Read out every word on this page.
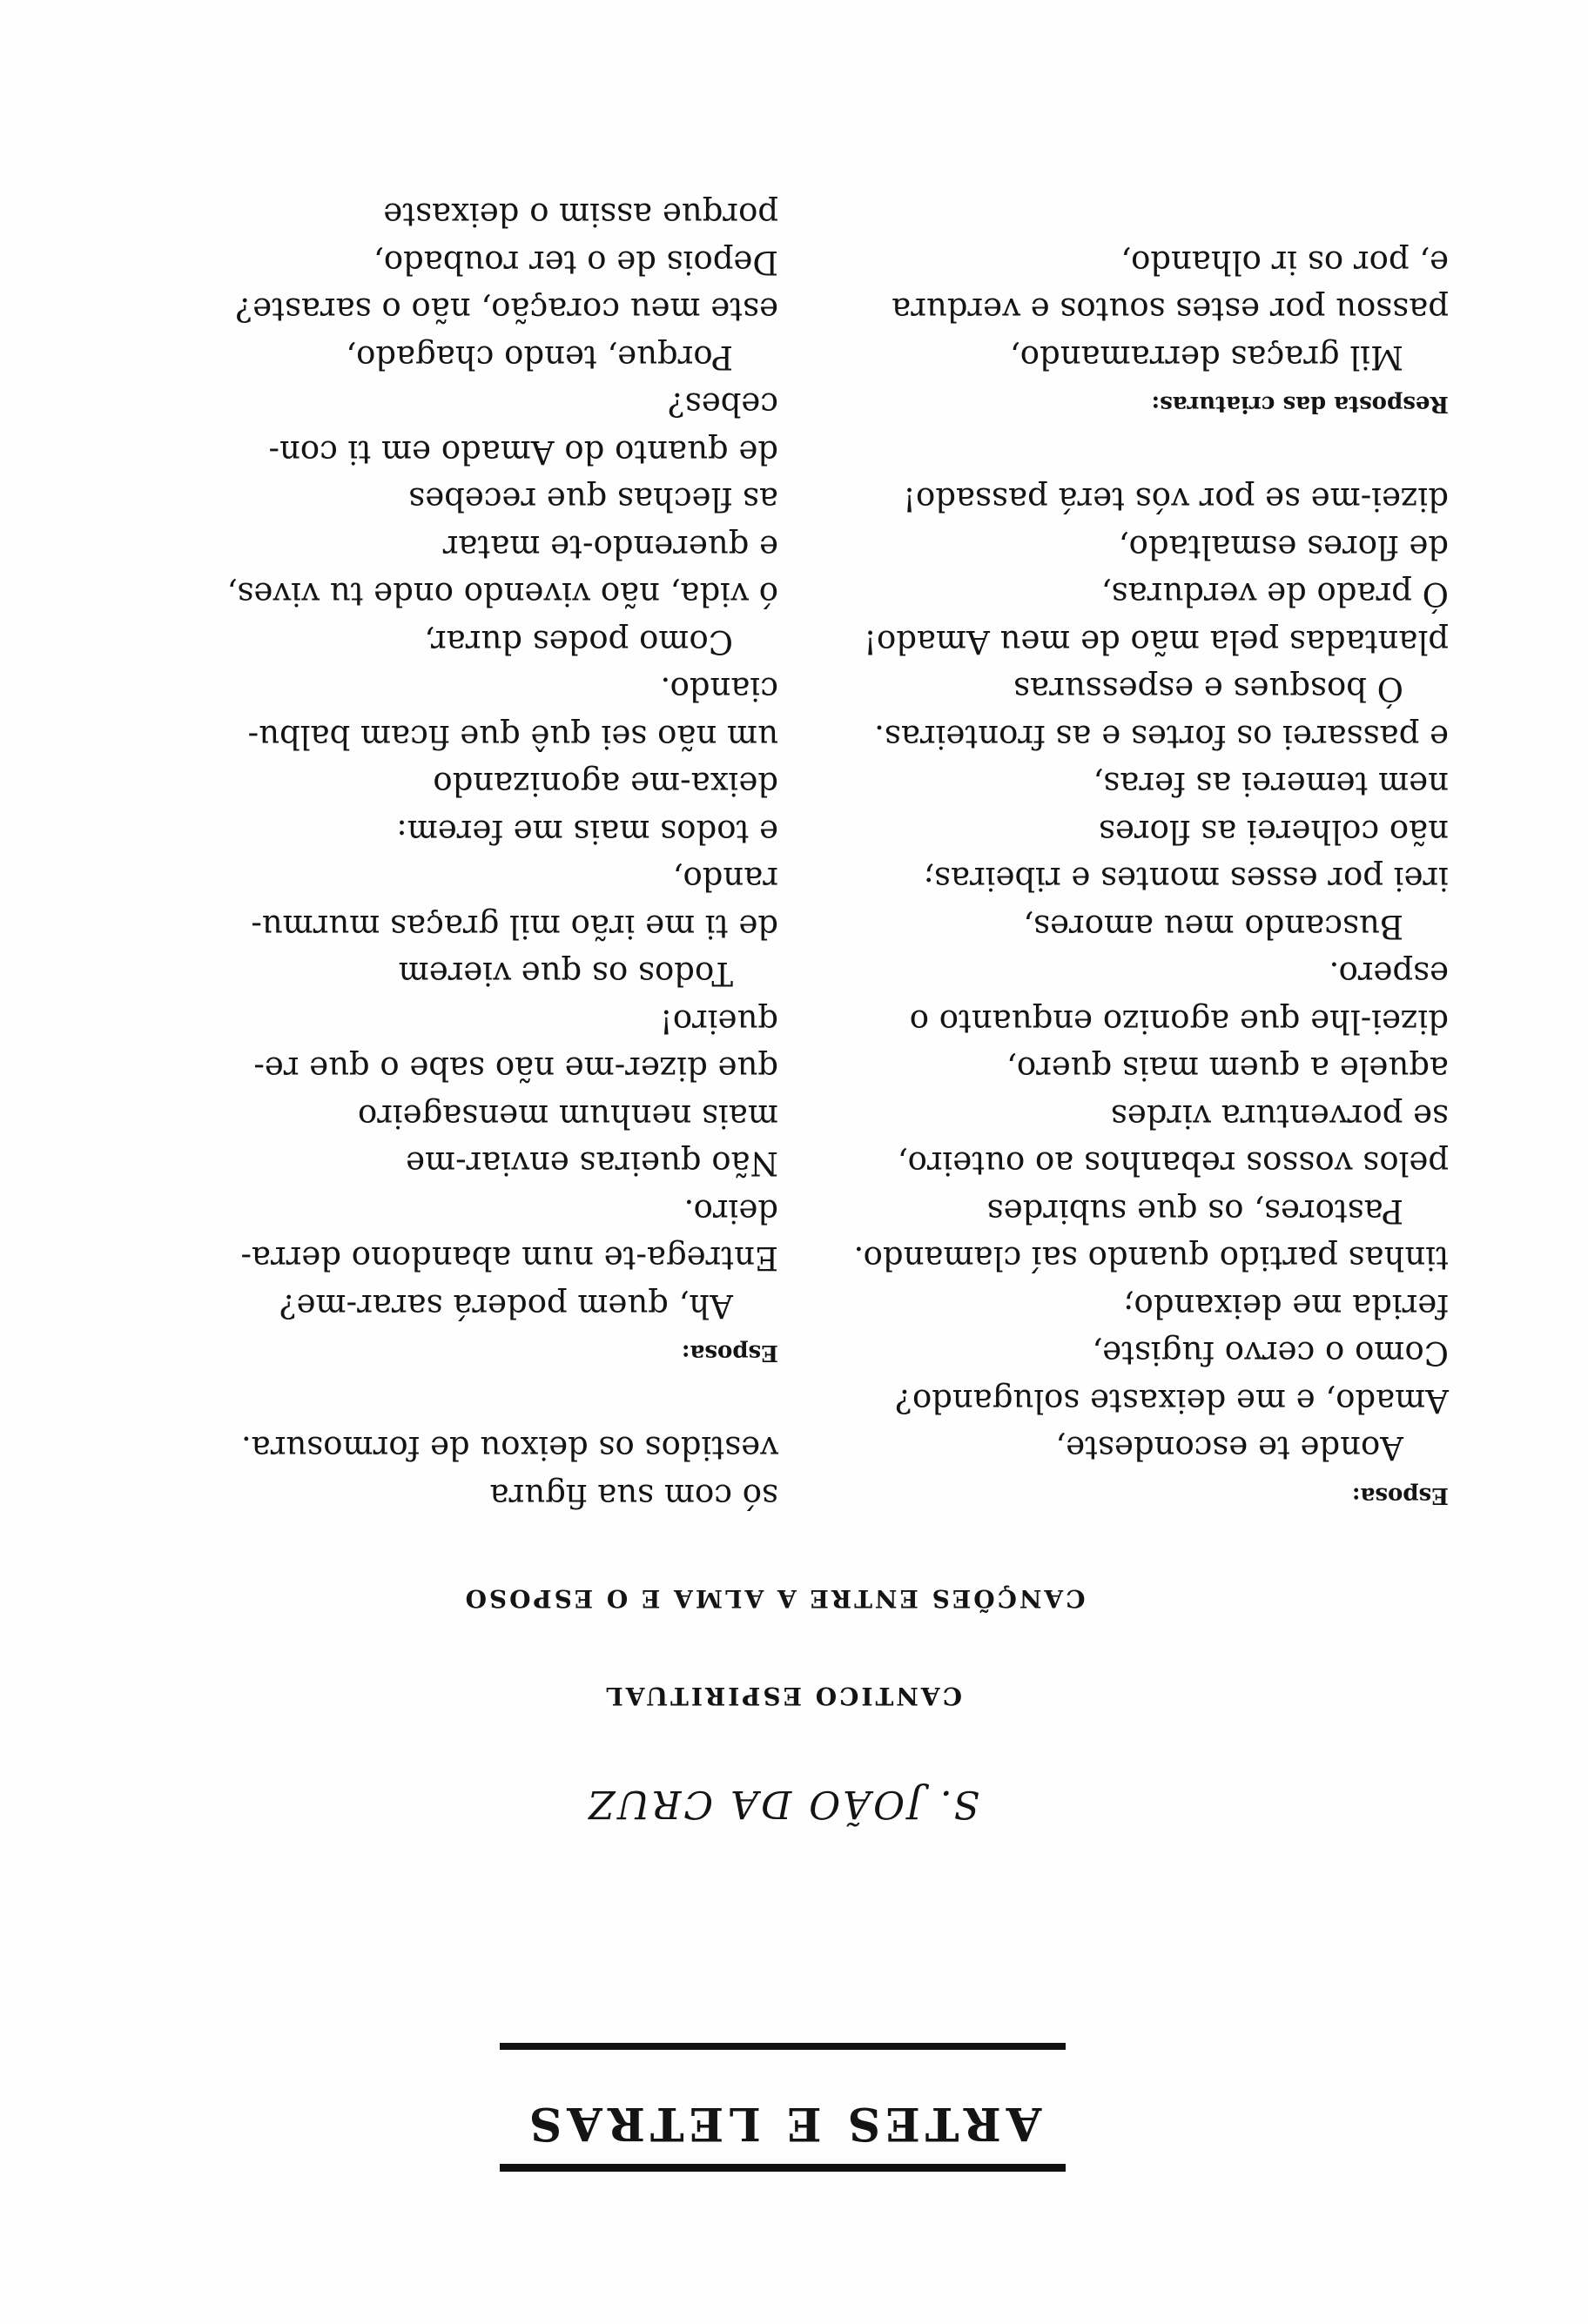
ARTES E LETRAS
S. JOÃO DA CRUZ
CANTICO ESPIRITUAL
CANÇÕES ENTRE A ALMA E O ESPOSO
Esposa:
Aonde te escondeste,
Amado, e me deixaste solugando?
Como o cervo fugiste,
ferida me deixando;
tinhas partido quando saí clamando.
Pastores, os que subirdes
pelos vossos rebanhos ao outeiro,
se porventura virdes
aquele a quem mais quero,
dizei-lhe que agonizo enquanto o
espero.
Buscando meu amores,
irei por esses montes e ribeiras;
não colherei as flores
nem temerei as feras,
e passarei os fortes e as fronteiras.
Ó bosques e espessuras
plantadas pela mão de meu Amado!
Ó prado de verduras,
de flores esmaltado,
dizei-me se por vós terá passado!
Resposta das criaturas:
Mil graças derramando,
passou por estes soutos e verdura
e, por os ir olhando,
só com sua figura
vestidos os deixou de formosura.
Esposa:
Ah, quem poderá sarar-me?
Entrega-te num abandono derra-
deiro.
Não queiras enviar-me
mais nenhum mensageiro
que dizer-me não sabe o que re-
queiro!
Todos os que vierem
de ti me irão mil graças murmu-
rando,
e todos mais me ferem:
deixa-me agonizando
um não sei quê que ficam balbu-
ciando.
Como podes durar,
ó vida, não vivendo onde tu vives,
e querendo-te matar
as flechas que recebes
de quanto do Amado em ti con-
cebes?
Porque, tendo chagado,
este meu coração, não o saraste?
Depois de o ter roubado,
porque assim o deixaste
